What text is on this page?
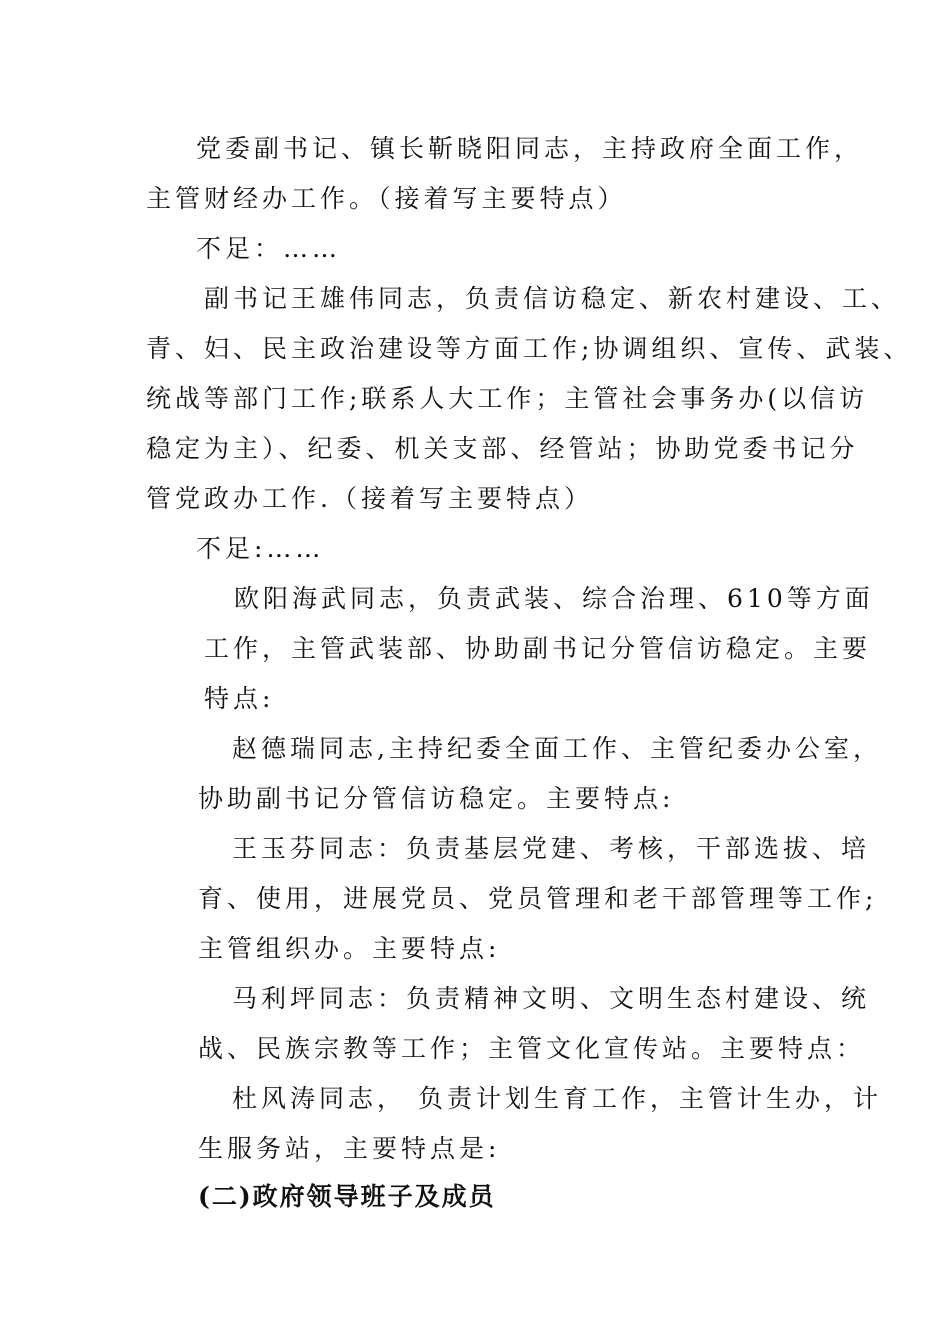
党委副书记、镇长靳晓阳同志，主持政府全面工作，
主管财经办工作。（接着写主要特点）
不足：……
副书记王雄伟同志，负责信访稳定、新农村建设、工、
青、妇、民主政治建设等方面工作;协调组织、宣传、武装、
统战等部门工作;联系人大工作；主管社会事务办(以信访
稳定为主）、纪委、机关支部、经管站；协助党委书记分
管党政办工作.（接着写主要特点）
不足:……
欧阳海武同志，负责武装、综合治理、610等方面
工作，主管武装部、协助副书记分管信访稳定。主要
特点:
赵德瑞同志,主持纪委全面工作、主管纪委办公室，
协助副书记分管信访稳定。主要特点:
王玉芬同志：负责基层党建、考核，干部选拔、培
育、使用，进展党员、党员管理和老干部管理等工作;
主管组织办。主要特点:
马利坪同志：负责精神文明、文明生态村建设、统
战、民族宗教等工作；主管文化宣传站。主要特点：
杜风涛同志， 负责计划生育工作，主管计生办，计
生服务站，主要特点是:
(二)政府领导班子及成员
